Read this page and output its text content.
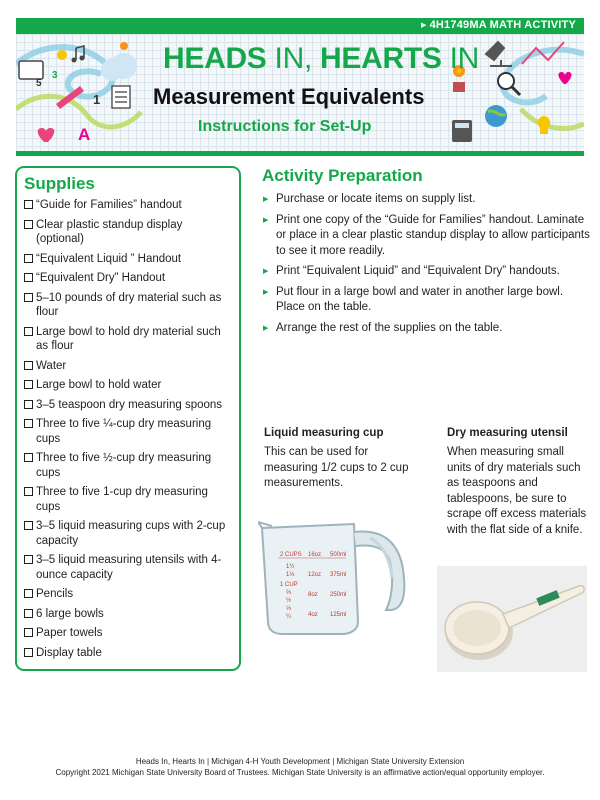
▶ 4H1749MA MATH ACTIVITY
A
1
3
5
HEADS IN, HEARTS IN
Measurement Equivalents
Instructions for Set-Up
Supplies
“Guide for Families” handout
Clear plastic standup display (optional)
“Equivalent Liquid ” Handout
“Equivalent Dry” Handout
5–10 pounds of dry material such as flour
Large bowl to hold dry material such as flour
Water
Large bowl to hold water
3–5 teaspoon dry measuring spoons
Three to five ¼-cup dry measuring cups
Three to five ½-cup dry measuring cups
Three to five 1-cup dry measuring cups
3–5 liquid measuring cups with 2-cup capacity
3–5 liquid measuring utensils with 4-ounce capacity
Pencils
6 large bowls
Paper towels
Display table
Activity Preparation
▶ Purchase or locate items on supply list.
▶ Print one copy of the “Guide for Families” handout. Laminate or place in a clear plastic standup display to allow participants to see it more readily.
▶ Print “Equivalent Liquid” and “Equivalent Dry” handouts.
▶ Put flour in a large bowl and water in another large bowl. Place on the table.
▶ Arrange the rest of the supplies on the table.
Liquid measuring cup
This can be used for measuring 1/2 cups to 2 cup measurements.
Dry measuring utensil
When measuring small units of dry materials such as teaspoons and tablespoons, be sure to scrape off excess materials with the flat side of a knife.
2 CUPS
1½
1⅓
1 CUP
⅔
½
⅓
¼
16oz
12oz
8oz
4oz
500ml
375ml
250ml
125ml
Heads In, Hearts In | Michigan 4-H Youth Development | Michigan State University Extension
Copyright 2021 Michigan State University Board of Trustees. Michigan State University is an affirmative action/equal opportunity employer.
